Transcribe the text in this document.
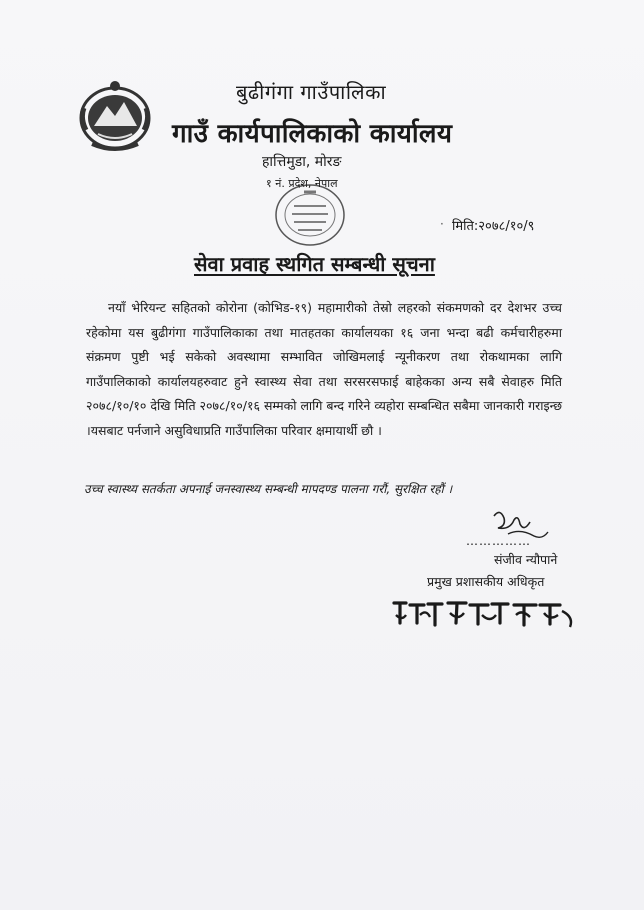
बुढीगंगा गाउँपालिका
गाउँ कार्यपालिकाको कार्यालय
हात्तिमुडा, मोरङ
१ नं. प्रदेश, नेपाल
· मिति:२०७८/१०/९
सेवा प्रवाह स्थगित सम्बन्धी सूचना
नयाँ भेरियन्ट सहितको कोरोना (कोभिड-१९) महामारीको तेस्रो लहरको संकमणको दर देशभर उच्च रहेकोमा यस बुढीगंगा गाउँपालिकाका तथा मातहतका कार्यालयका १६ जना भन्दा बढी कर्मचारीहरुमा संक्रमण पुष्टी भई सकेको अवस्थामा सम्भावित जोखिमलाई न्यूनीकरण तथा रोकथामका लागि गाउँपालिकाको कार्यालयहरुवाट हुने स्वास्थ्य सेवा तथा सरसरसफाई बाहेकका अन्य सबै सेवाहरु मिति २०७८/१०/१० देखि मिति २०७८/१०/१६ सम्मको लागि बन्द गरिने व्यहोरा सम्बन्धित सबैमा जानकारी गराइन्छ ।यसबाट पर्नजाने असुविधाप्रति गाउँपालिका परिवार क्षमायार्थी छौ ।
उच्च स्वास्थ्य सतर्कता अपनाई जनस्वास्थ्य सम्बन्धी मापदण्ड पालना गरौं, सुरक्षित रहौं ।
……………
संजीव न्यौपाने
प्रमुख प्रशासकीय अधिकृत
